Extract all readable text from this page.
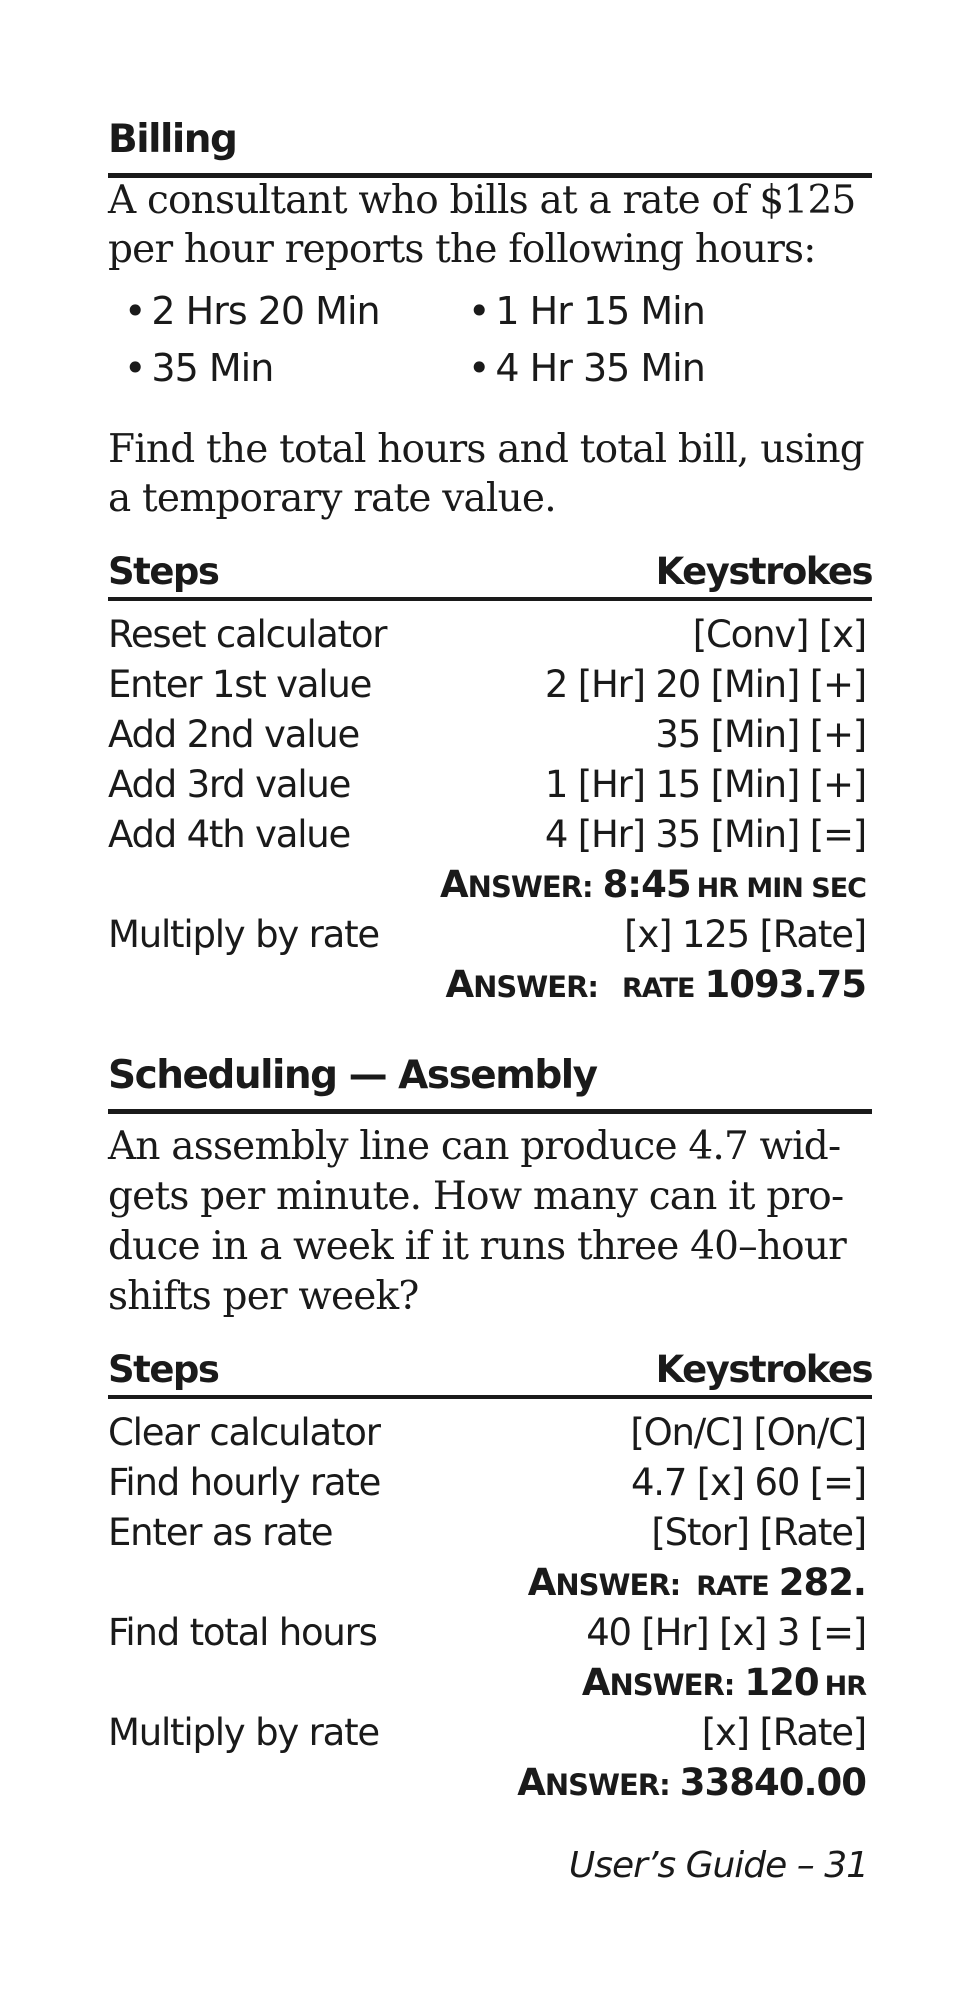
Billing
A consultant who bills at a rate of $125
per hour reports the following hours:
• 2 Hrs 20 Min • 1 Hr 15 Min
• 35 Min	• 4 Hr 35 Min
Find the total hours and total bill, using
a temporary rate value.
Steps	Keystrokes
Reset calculator	[Conv] [x]
Enter 1st value	2 [Hr] 20 [Min] [+]
Add 2nd value	35 [Min] [+]
Add 3rd value	1 [Hr] 15 [Min] [+]
Add 4th value	4 [Hr] 35 [Min] [=]
ANSWER: 8:45 HR MIN SEC
Multiply by rate	[x] 125 [Rate]
ANSWER: RATE 1093.75
Scheduling — Assembly
An assembly line can produce 4.7 wid-
gets per minute. How many can it pro-
duce in a week if it runs three 40–hour
shifts per week?
Steps	Keystrokes
Clear calculator	[On/C] [On/C]
Find hourly rate	4.7 [x] 60 [=]
Enter as rate	[Stor] [Rate]
ANSWER: RATE 282.
Find total hours	40 [Hr] [x] 3 [=]
ANSWER: 120 HR
Multiply by rate	[x] [Rate]
ANSWER: 33840.00
User’s Guide – 31
